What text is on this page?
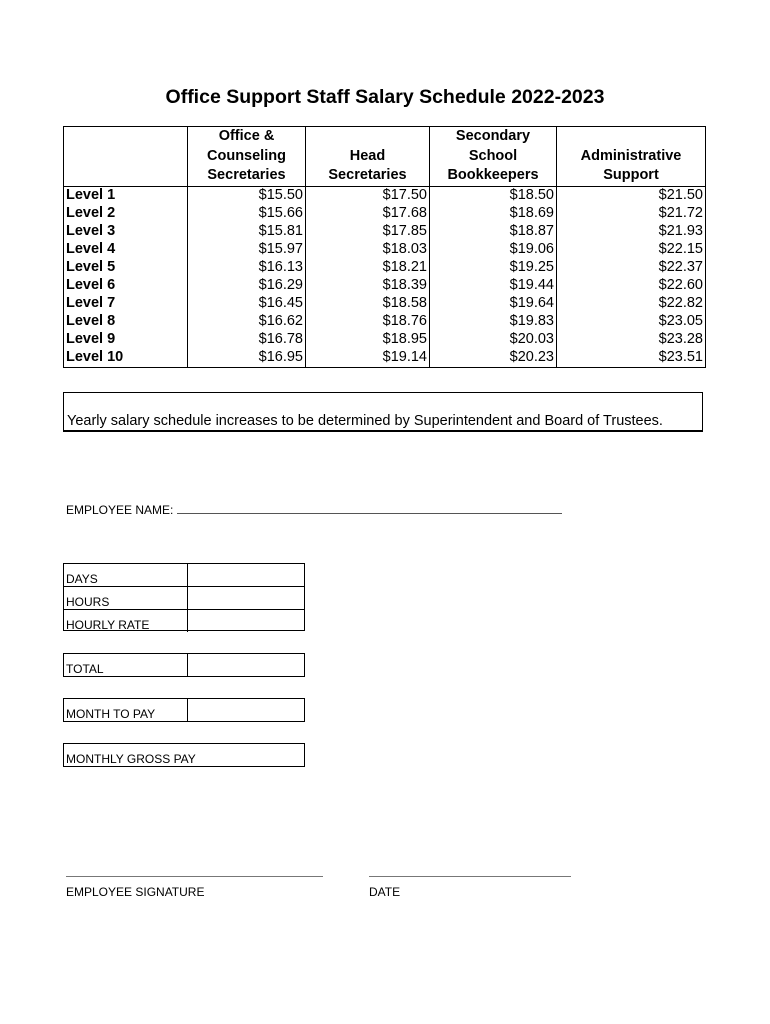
Office Support Staff Salary Schedule 2022-2023
	Office &
Counseling
Secretaries	Head
Secretaries	Secondary
School
Bookkeepers	Administrative
Support
Level 1	$15.50	$17.50	$18.50	$21.50
Level 2	$15.66	$17.68	$18.69	$21.72
Level 3	$15.81	$17.85	$18.87	$21.93
Level 4	$15.97	$18.03	$19.06	$22.15
Level 5	$16.13	$18.21	$19.25	$22.37
Level 6	$16.29	$18.39	$19.44	$22.60
Level 7	$16.45	$18.58	$19.64	$22.82
Level 8	$16.62	$18.76	$19.83	$23.05
Level 9	$16.78	$18.95	$20.03	$23.28
Level 10	$16.95	$19.14	$20.23	$23.51
Yearly salary schedule increases to be determined by Superintendent and Board of Trustees.
EMPLOYEE NAME:
DAYS
HOURS
HOURLY RATE
TOTAL
MONTH TO PAY
MONTHLY GROSS PAY
EMPLOYEE SIGNATURE	DATE
